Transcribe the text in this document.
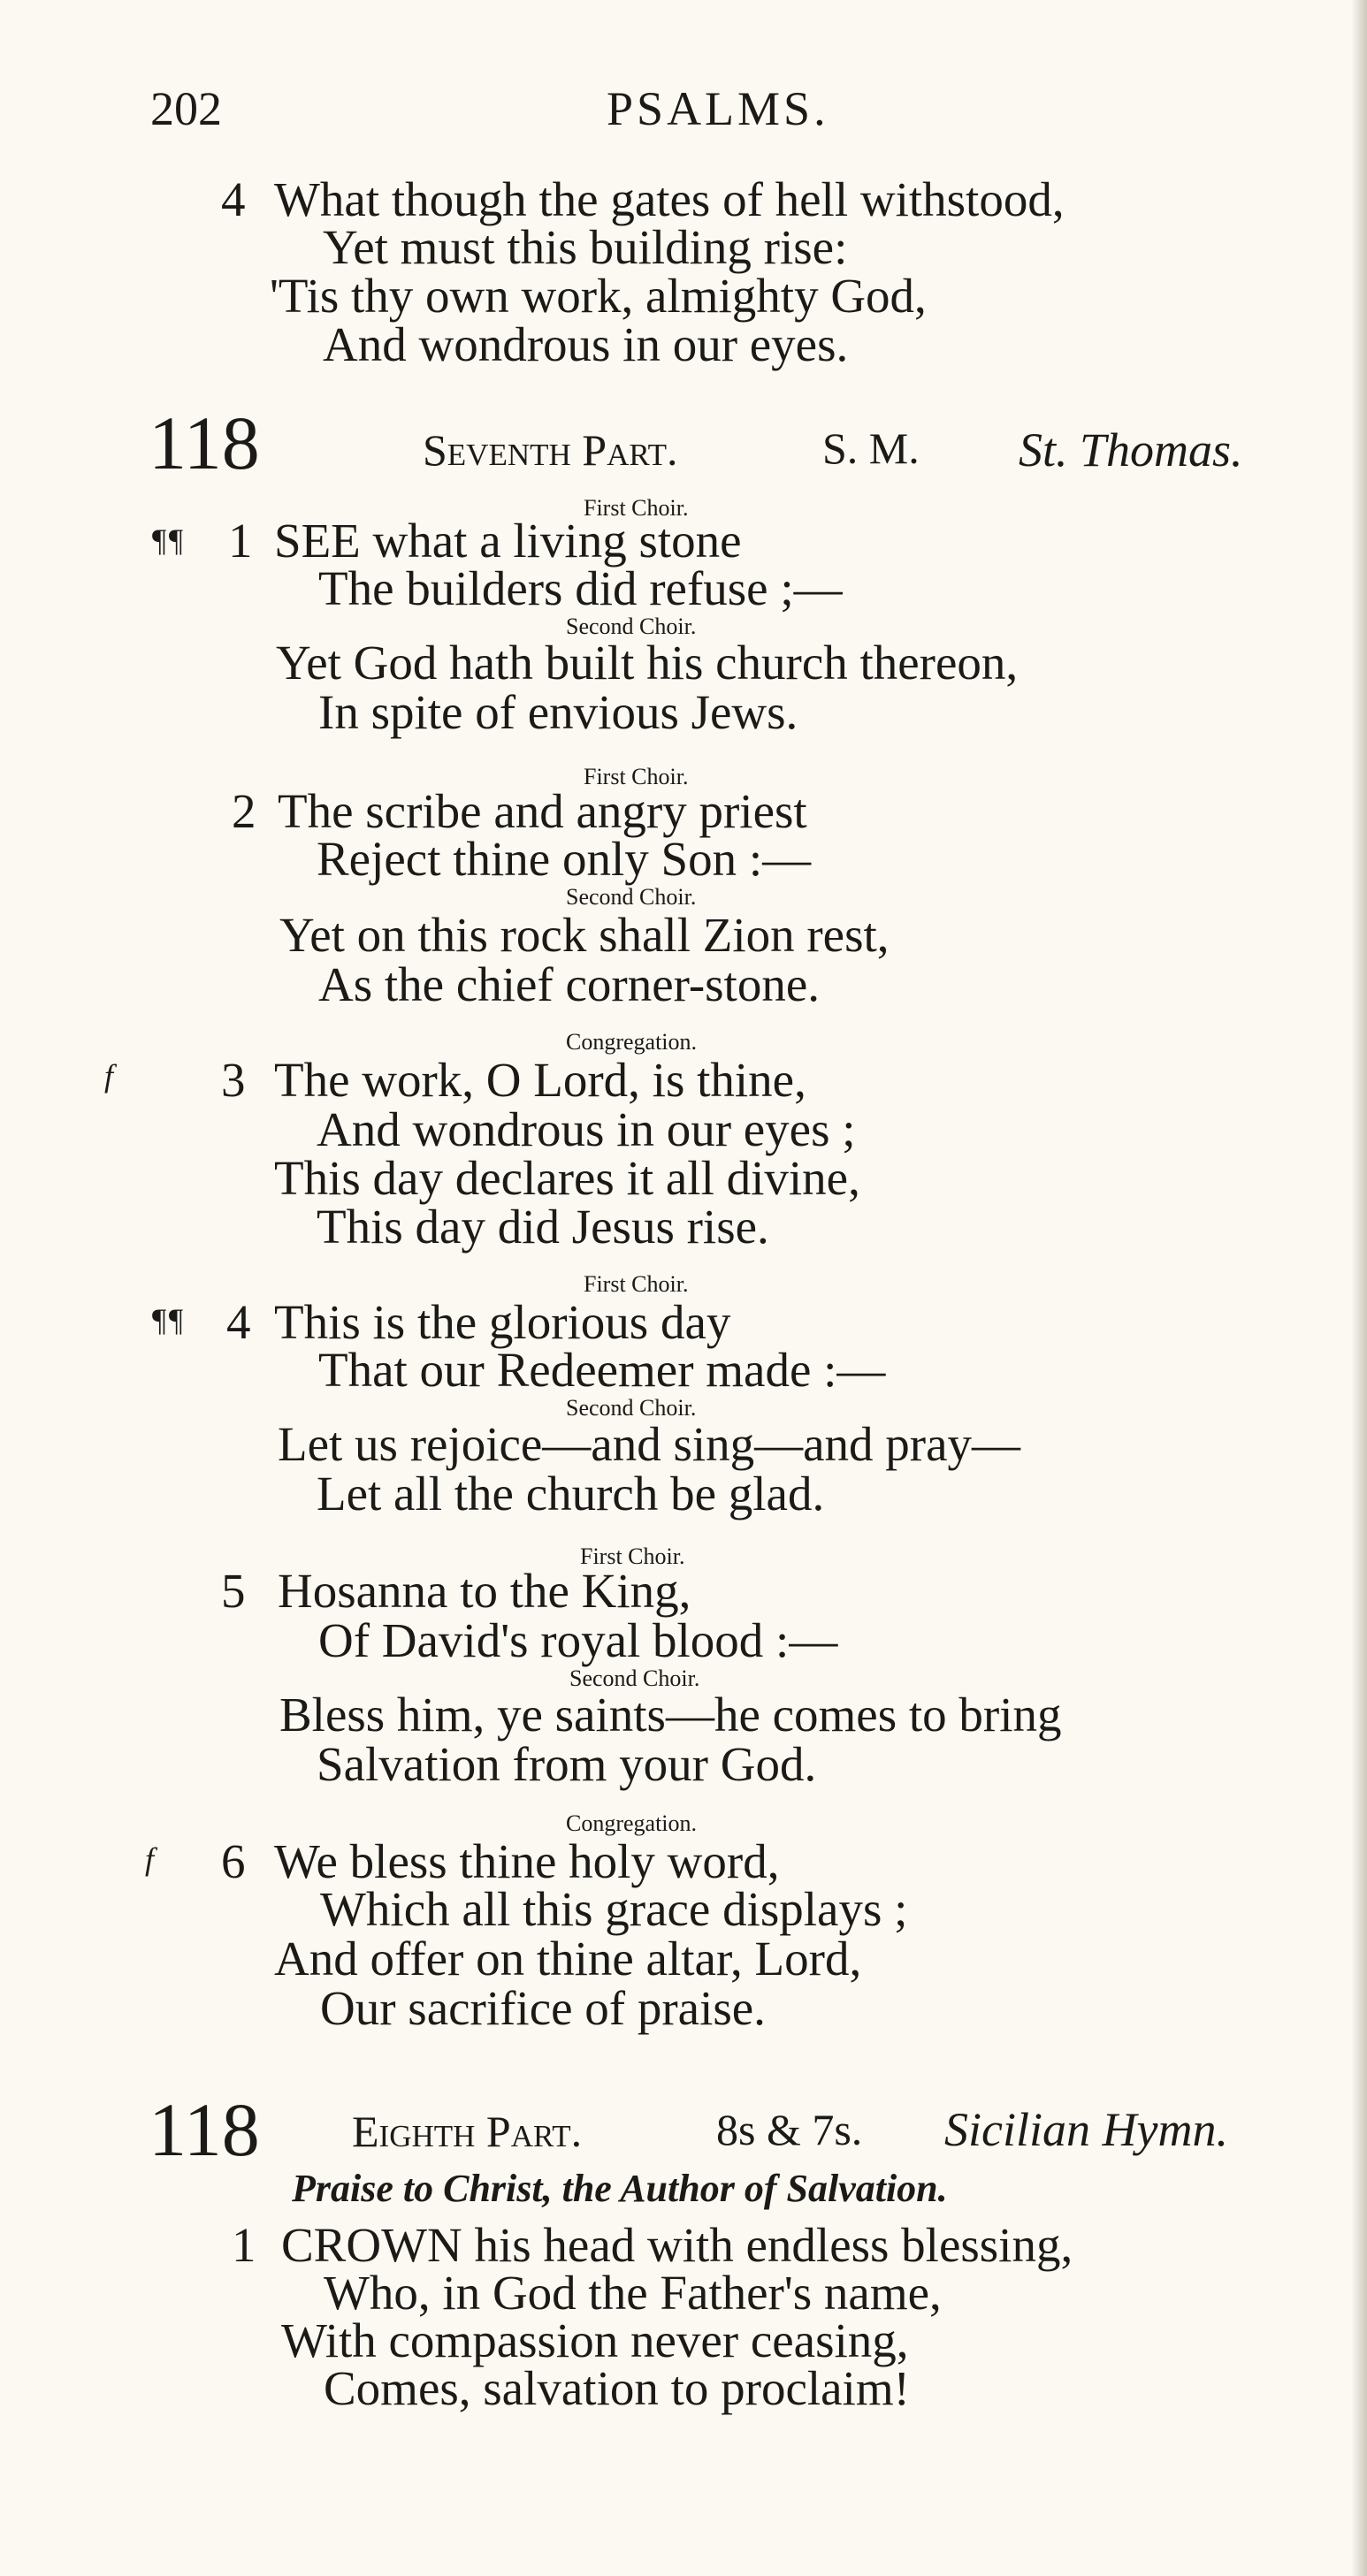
202	PSALMS.
4 What though the gates of hell withstood,
Yet must this building rise:
'Tis thy own work, almighty God,
And wondrous in our eyes.
118	Seventh Part.	S. M. St. Thomas.
First Choir.
¶¶ 1 SEE what a living stone
The builders did refuse ;—
Second Choir.
Yet God hath built his church thereon,
In spite of envious Jews.
First Choir.
2 The scribe and angry priest
Reject thine only Son :—
Second Choir.
Yet on this rock shall Zion rest,
As the chief corner-stone.
Congregation.
f 3 The work, O Lord, is thine,
And wondrous in our eyes ;
This day declares it all divine,
This day did Jesus rise.
First Choir.
¶¶ 4 This is the glorious day
That our Redeemer made :—
Second Choir.
Let us rejoice—and sing—and pray—
Let all the church be glad.
First Choir.
5 Hosanna to the King,
Of David's royal blood :—
Second Choir.
Bless him, ye saints—he comes to bring
Salvation from your God.
Congregation.
f 6 We bless thine holy word,
Which all this grace displays ;
And offer on thine altar, Lord,
Our sacrifice of praise.
118 Eighth Part.	8s & 7s. Sicilian Hymn.
Praise to Christ, the Author of Salvation.
1 CROWN his head with endless blessing,
Who, in God the Father's name,
With compassion never ceasing,
Comes, salvation to proclaim!
